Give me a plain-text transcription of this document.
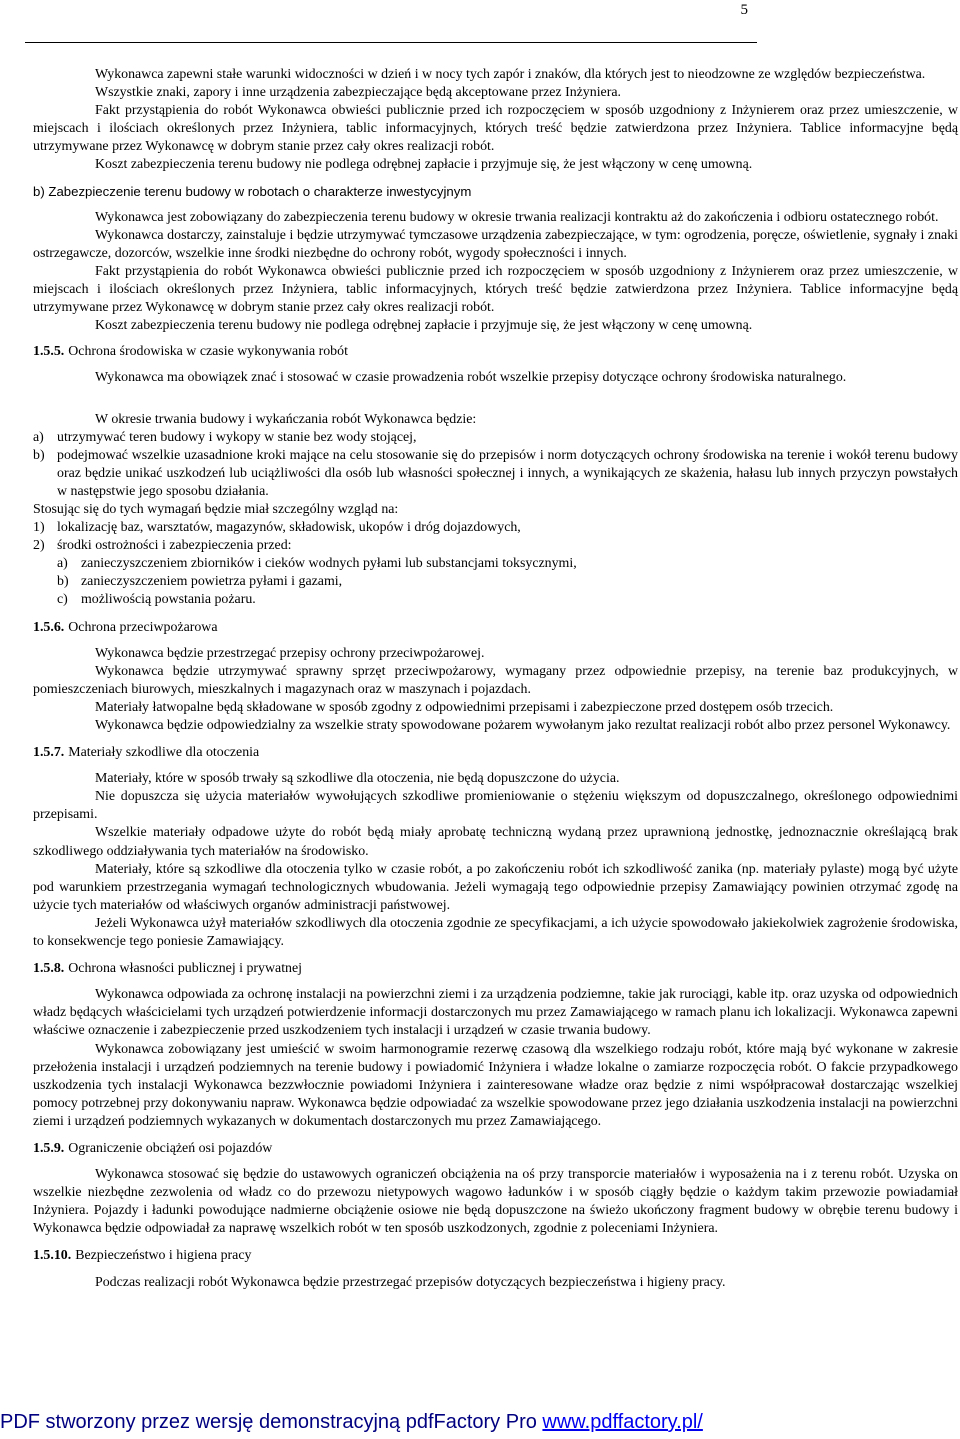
5

Wykonawca zapewni stałe warunki widoczności w dzień i w nocy tych zapór i znaków, dla których jest to nieodzowne ze względów bezpieczeństwa.

Wszystkie znaki, zapory i inne urządzenia zabezpieczające będą akceptowane przez Inżyniera.

Fakt przystąpienia do robót Wykonawca obwieści publicznie przed ich rozpoczęciem w sposób uzgodniony z Inżynierem oraz przez umieszczenie, w miejscach i ilościach określonych przez Inżyniera, tablic informacyjnych, których treść będzie zatwierdzona przez Inżyniera. Tablice informacyjne będą utrzymywane przez Wykonawcę w dobrym stanie przez cały okres realizacji robót.

Koszt zabezpieczenia terenu budowy nie podlega odrębnej zapłacie i przyjmuje się, że jest włączony w cenę umowną.

b) Zabezpieczenie terenu budowy w robotach o charakterze inwestycyjnym

Wykonawca jest zobowiązany do zabezpieczenia terenu budowy w okresie trwania realizacji kontraktu aż do zakończenia i odbioru ostatecznego robót.

Wykonawca dostarczy, zainstaluje i będzie utrzymywać tymczasowe urządzenia zabezpieczające, w tym: ogrodzenia, poręcze, oświetlenie, sygnały i znaki ostrzegawcze, dozorców, wszelkie inne środki niezbędne do ochrony robót, wygody społeczności i innych.

Fakt przystąpienia do robót Wykonawca obwieści publicznie przed ich rozpoczęciem w sposób uzgodniony z Inżynierem oraz przez umieszczenie, w miejscach i ilościach określonych przez Inżyniera, tablic informacyjnych, których treść będzie zatwierdzona przez Inżyniera. Tablice informacyjne będą utrzymywane przez Wykonawcę w dobrym stanie przez cały okres realizacji robót.

Koszt zabezpieczenia terenu budowy nie podlega odrębnej zapłacie i przyjmuje się, że jest włączony w cenę umowną.

1.5.5. Ochrona środowiska w czasie wykonywania robót

Wykonawca ma obowiązek znać i stosować w czasie prowadzenia robót wszelkie przepisy dotyczące ochrony środowiska naturalnego.

W okresie trwania budowy i wykańczania robót Wykonawca będzie:

a) utrzymywać teren budowy i wykopy w stanie bez wody stojącej,
b) podejmować wszelkie uzasadnione kroki mające na celu stosowanie się do przepisów i norm dotyczących ochrony środowiska na terenie i wokół terenu budowy oraz będzie unikać uszkodzeń lub uciążliwości dla osób lub własności społecznej i innych, a wynikających ze skażenia, hałasu lub innych przyczyn powstałych w następstwie jego sposobu działania.

Stosując się do tych wymagań będzie miał szczególny wzgląd na:

1) lokalizację baz, warsztatów, magazynów, składowisk, ukopów i dróg dojazdowych,
2) środki ostrożności i zabezpieczenia przed:
a) zanieczyszczeniem zbiorników i cieków wodnych pyłami lub substancjami toksycznymi,
b) zanieczyszczeniem powietrza pyłami i gazami,
c) możliwością powstania pożaru.
1.5.6. Ochrona przeciwpożarowa

Wykonawca będzie przestrzegać przepisy ochrony przeciwpożarowej.

Wykonawca będzie utrzymywać sprawny sprzęt przeciwpożarowy, wymagany przez odpowiednie przepisy, na terenie baz produkcyjnych, w pomieszczeniach biurowych, mieszkalnych i magazynach oraz w maszynach i pojazdach.

Materiały łatwopalne będą składowane w sposób zgodny z odpowiednimi przepisami i zabezpieczone przed dostępem osób trzecich.

Wykonawca będzie odpowiedzialny za wszelkie straty spowodowane pożarem wywołanym jako rezultat realizacji robót albo przez personel Wykonawcy.

1.5.7. Materiały szkodliwe dla otoczenia

Materiały, które w sposób trwały są szkodliwe dla otoczenia, nie będą dopuszczone do użycia.

Nie dopuszcza się użycia materiałów wywołujących szkodliwe promieniowanie o stężeniu większym od dopuszczalnego, określonego odpowiednimi przepisami.

Wszelkie materiały odpadowe użyte do robót będą miały aprobatę techniczną wydaną przez uprawnioną jednostkę, jednoznacznie określającą brak szkodliwego oddziaływania tych materiałów na środowisko.

Materiały, które są szkodliwe dla otoczenia tylko w czasie robót, a po zakończeniu robót ich szkodliwość zanika (np. materiały pylaste) mogą być użyte pod warunkiem przestrzegania wymagań technologicznych wbudowania. Jeżeli wymagają tego odpowiednie przepisy Zamawiający powinien otrzymać zgodę na użycie tych materiałów od właściwych organów administracji państwowej.

Jeżeli Wykonawca użył materiałów szkodliwych dla otoczenia zgodnie ze specyfikacjami, a ich użycie spowodowało jakiekolwiek zagrożenie środowiska, to konsekwencje tego poniesie Zamawiający.

1.5.8. Ochrona własności publicznej i prywatnej

Wykonawca odpowiada za ochronę instalacji na powierzchni ziemi i za urządzenia podziemne, takie jak rurociągi, kable itp. oraz uzyska od odpowiednich władz będących właścicielami tych urządzeń potwierdzenie informacji dostarczonych mu przez Zamawiającego w ramach planu ich lokalizacji. Wykonawca zapewni właściwe oznaczenie i zabezpieczenie przed uszkodzeniem tych instalacji i urządzeń w czasie trwania budowy.

Wykonawca zobowiązany jest umieścić w swoim harmonogramie rezerwę czasową dla wszelkiego rodzaju robót, które mają być wykonane w zakresie przełożenia instalacji i urządzeń podziemnych na terenie budowy i powiadomić Inżyniera i władze lokalne o zamiarze rozpoczęcia robót. O fakcie przypadkowego uszkodzenia tych instalacji Wykonawca bezzwłocznie powiadomi Inżyniera i zainteresowane władze oraz będzie z nimi współpracował dostarczając wszelkiej pomocy potrzebnej przy dokonywaniu napraw. Wykonawca będzie odpowiadać za wszelkie spowodowane przez jego działania uszkodzenia instalacji na powierzchni ziemi i urządzeń podziemnych wykazanych w dokumentach dostarczonych mu przez Zamawiającego.

1.5.9. Ograniczenie obciążeń osi pojazdów

Wykonawca stosować się będzie do ustawowych ograniczeń obciążenia na oś przy transporcie materiałów i wyposażenia na i z terenu robót. Uzyska on wszelkie niezbędne zezwolenia od władz co do przewozu nietypowych wagowo ładunków i w sposób ciągły będzie o każdym takim przewozie powiadamiał Inżyniera. Pojazdy i ładunki powodujące nadmierne obciążenie osiowe nie będą dopuszczone na świeżo ukończony fragment budowy w obrębie terenu budowy i Wykonawca będzie odpowiadał za naprawę wszelkich robót w ten sposób uszkodzonych, zgodnie z poleceniami Inżyniera.

1.5.10. Bezpieczeństwo i higiena pracy

Podczas realizacji robót Wykonawca będzie przestrzegać przepisów dotyczących bezpieczeństwa i higieny pracy.

PDF stworzony przez wersję demonstracyjną pdfFactory Pro www.pdffactory.pl/
